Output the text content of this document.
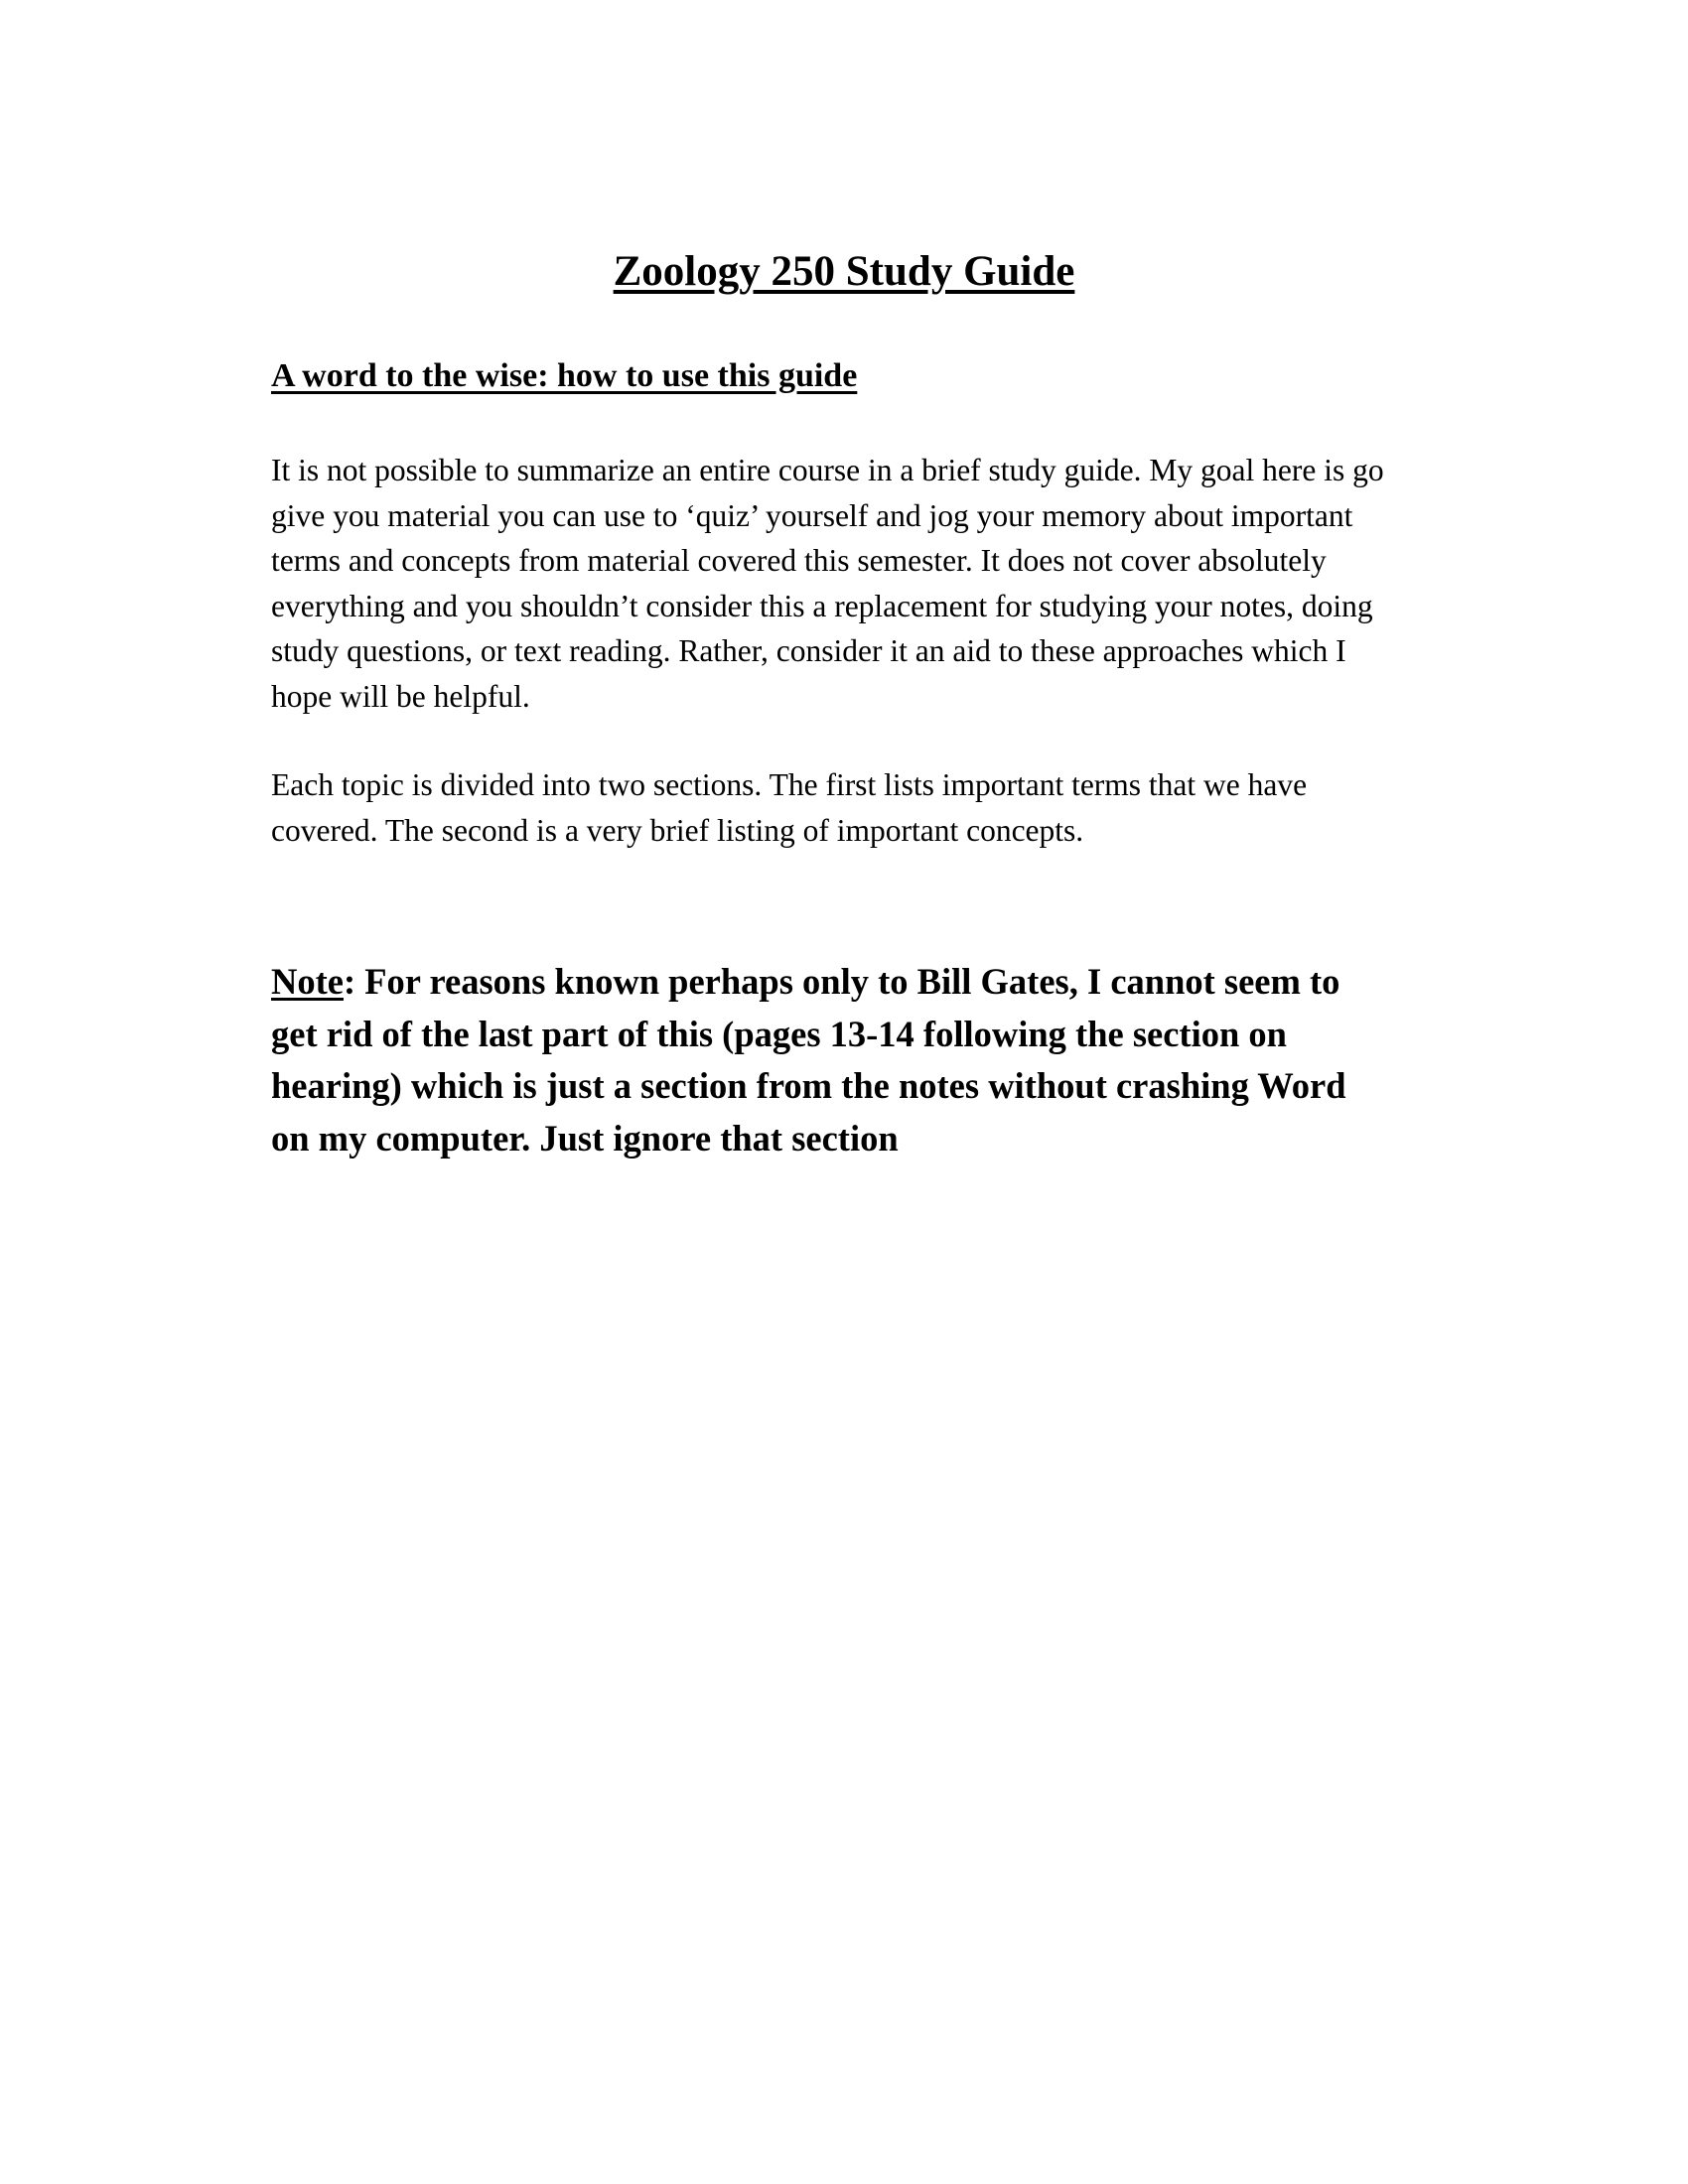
Zoology 250 Study Guide
A word to the wise: how to use this guide

It is not possible to summarize an entire course in a brief study guide. My goal here is go
give you material you can use to ‘quiz’ yourself and jog your memory about important
terms and concepts from material covered this semester. It does not cover absolutely
everything and you shouldn’t consider this a replacement for studying your notes, doing
study questions, or text reading. Rather, consider it an aid to these approaches which I
hope will be helpful.

Each topic is divided into two sections. The first lists important terms that we have
covered. The second is a very brief listing of important concepts.

Note: For reasons known perhaps only to Bill Gates, I cannot seem to
get rid of the last part of this (pages 13-14 following the section on
hearing) which is just a section from the notes without crashing Word
on my computer. Just ignore that section
